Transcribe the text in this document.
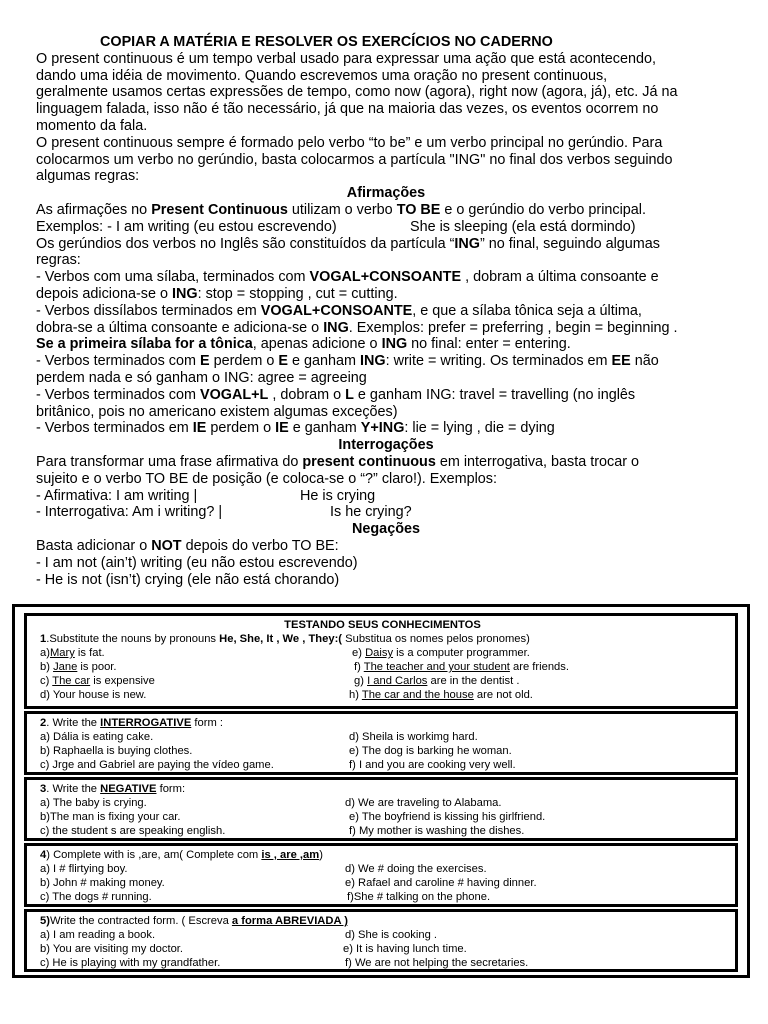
COPIAR A MATÉRIA E RESOLVER OS EXERCÍCIOS NO CADERNO
O present continuous é um tempo verbal usado para expressar uma ação que está acontecendo,
dando uma idéia de movimento. Quando escrevemos uma oração no present continuous,
geralmente usamos certas expressões de tempo, como now (agora), right now (agora, já), etc. Já na
linguagem falada, isso não é tão necessário, já que na maioria das vezes, os eventos ocorrem no
momento da fala.
O present continuous sempre é formado pelo verbo “to be” e um verbo principal no gerúndio. Para
colocarmos um verbo no gerúndio, basta colocarmos a partícula "ING" no final dos verbos seguindo
algumas regras:
Afirmações
As afirmações no Present Continuous utilizam o verbo TO BE e o gerúndio do verbo principal.
Exemplos: - I am writing (eu estou escrevendo)	She is sleeping (ela está dormindo)
Os gerúndios dos verbos no Inglês são constituídos da partícula “ING” no final, seguindo algumas
regras:
- Verbos com uma sílaba, terminados com VOGAL+CONSOANTE , dobram a última consoante e
depois adiciona-se o ING: stop = stopping , cut = cutting.
- Verbos dissílabos terminados em VOGAL+CONSOANTE, e que a sílaba tônica seja a última,
dobra-se a última consoante e adiciona-se o ING. Exemplos: prefer = preferring , begin = beginning .
Se a primeira sílaba for a tônica, apenas adicione o ING no final: enter = entering.
- Verbos terminados com E perdem o E e ganham ING: write = writing. Os terminados em EE não
perdem nada e só ganham o ING: agree = agreeing
- Verbos terminados com VOGAL+L , dobram o L e ganham ING: travel = travelling (no inglês
britânico, pois no americano existem algumas exceções)
- Verbos terminados em IE perdem o IE e ganham Y+ING: lie = lying , die = dying
Interrogações
Para transformar uma frase afirmativa do present continuous em interrogativa, basta trocar o
sujeito e o verbo TO BE de posição (e coloca-se o “?” claro!). Exemplos:
- Afirmativa: I am writing |	He is crying
- Interrogativa: Am i writing? |	Is he crying?
Negações
Basta adicionar o NOT depois do verbo TO BE:
- I am not (ain’t) writing (eu não estou escrevendo)
- He is not (isn’t) crying (ele não está chorando)
TESTANDO SEUS CONHECIMENTOS
1.Substitute the nouns by pronouns He, She, It , We , They:( Substitua os nomes pelos pronomes)
a)Mary is fat.	e) Daisy is a computer programmer.
b) Jane is poor.	f) The teacher and your student are friends.
c) The car is expensive	g) I and Carlos are in the dentist .
d) Your house is new.	h) The car and the house are not old.
2. Write the INTERROGATIVE form :
a) Dália is eating cake.	d) Sheila is workimg hard.
b) Raphaella is buying clothes.	e) The dog is barking he woman.
c) Jrge and Gabriel are paying the vídeo game.	f) I and you are cooking very well.
3. Write the NEGATIVE form:
a) The baby is crying.	d) We are traveling to Alabama.
b)The man is fixing your car.	e) The boyfriend is kissing his girlfriend.
c) the student s are speaking english.	f) My mother is washing the dishes.
4) Complete with is ,are, am( Complete com is , are ,am)
a) I # flirtying boy.	d) We # doing the exercises.
b) John # making money.	e) Rafael and caroline # having dinner.
c) The dogs # running.	f)She # talking on the phone.
5)Write the contracted form. ( Escreva a forma ABREVIADA )
a) I am reading a book.	d) She is cooking .
b) You are visiting my doctor.	e) It is having lunch time.
c) He is playing with my grandfather.	f) We are not helping the secretaries.
